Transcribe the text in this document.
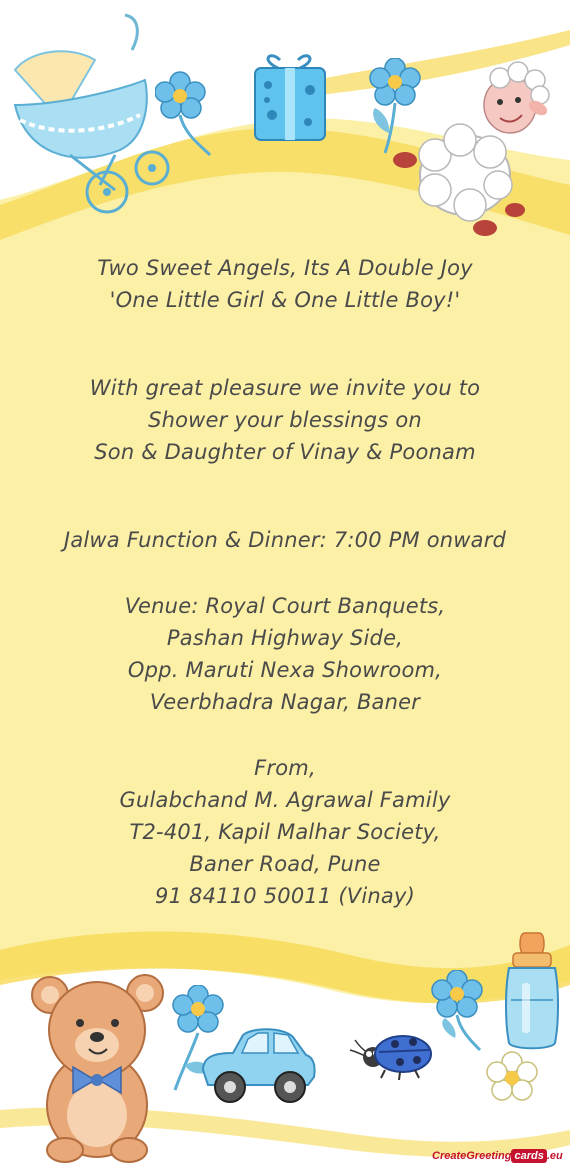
Two Sweet Angels, Its A Double Joy
'One Little Girl & One Little Boy!'
With great pleasure we invite you to
Shower your blessings on
Son & Daughter of Vinay & Poonam
Jalwa Function & Dinner: 7:00 PM onward
Venue: Royal Court Banquets,
Pashan Highway Side,
Opp. Maruti Nexa Showroom,
Veerbhadra Nagar, Baner
From,
Gulabchand M. Agrawal Family
T2-401, Kapil Malhar Society,
Baner Road, Pune
91 84110 50011 (Vinay)
CreateGreeting cards .eu
